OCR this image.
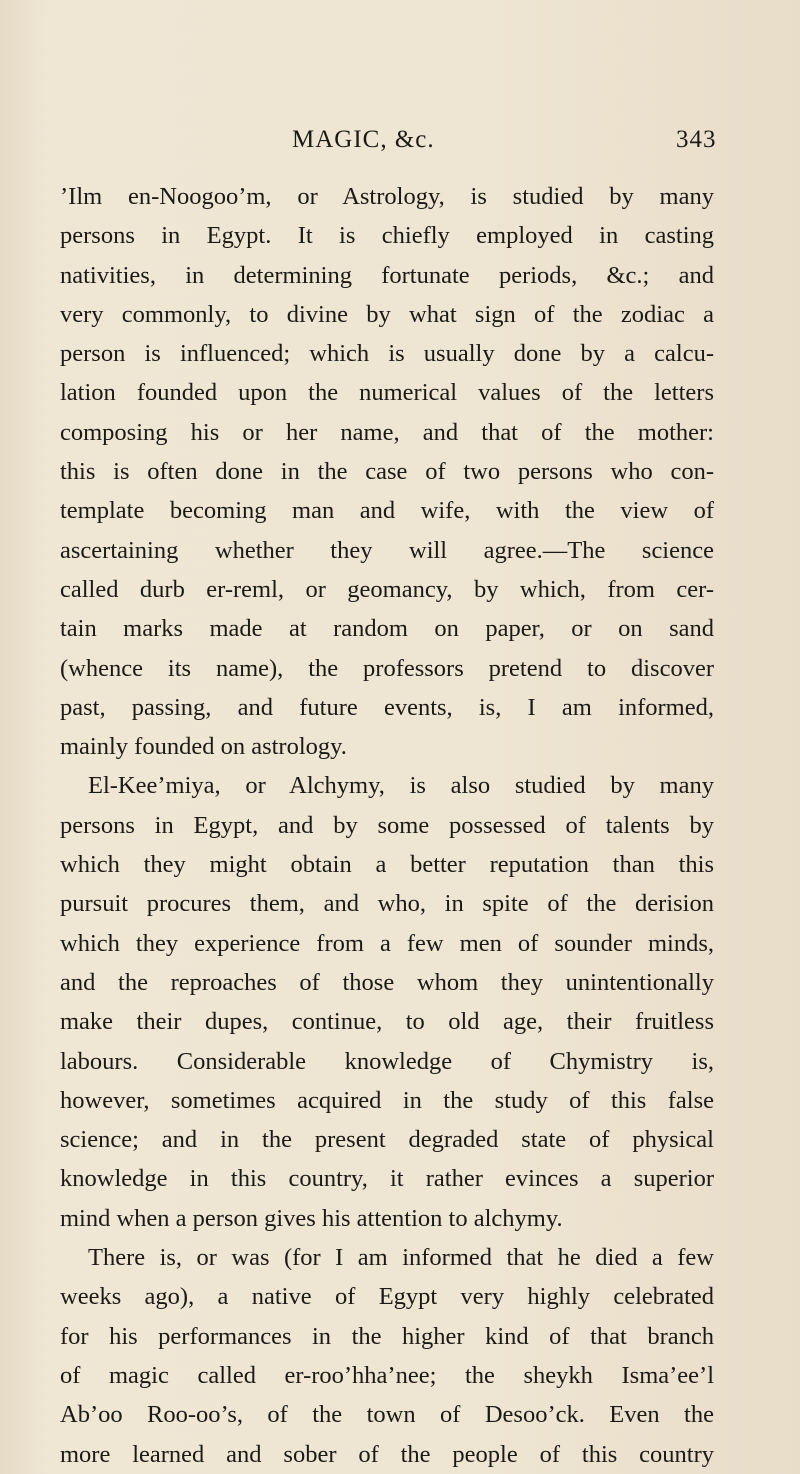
MAGIC, &c.	343
’Ilm en-Noogoo’m, or Astrology, is studied by many
persons in Egypt. It is chiefly employed in casting
nativities, in determining fortunate periods, &c.; and
very commonly, to divine by what sign of the zodiac a
person is influenced; which is usually done by a calcu-
lation founded upon the numerical values of the letters
composing his or her name, and that of the mother:
this is often done in the case of two persons who con-
template becoming man and wife, with the view of
ascertaining whether they will agree.—The science
called durb er-reml, or geomancy, by which, from cer-
tain marks made at random on paper, or on sand
(whence its name), the professors pretend to discover
past, passing, and future events, is, I am informed,
mainly founded on astrology.
El-Kee’miya, or Alchymy, is also studied by many
persons in Egypt, and by some possessed of talents by
which they might obtain a better reputation than this
pursuit procures them, and who, in spite of the derision
which they experience from a few men of sounder minds,
and the reproaches of those whom they unintentionally
make their dupes, continue, to old age, their fruitless
labours. Considerable knowledge of Chymistry is,
however, sometimes acquired in the study of this false
science; and in the present degraded state of physical
knowledge in this country, it rather evinces a superior
mind when a person gives his attention to alchymy.
There is, or was (for I am informed that he died a few
weeks ago), a native of Egypt very highly celebrated
for his performances in the higher kind of that branch
of magic called er-roo’hha’nee; the sheykh Isma’ee’l
Ab’oo Roo-oo’s, of the town of Desoo’ck. Even the
more learned and sober of the people of this country
